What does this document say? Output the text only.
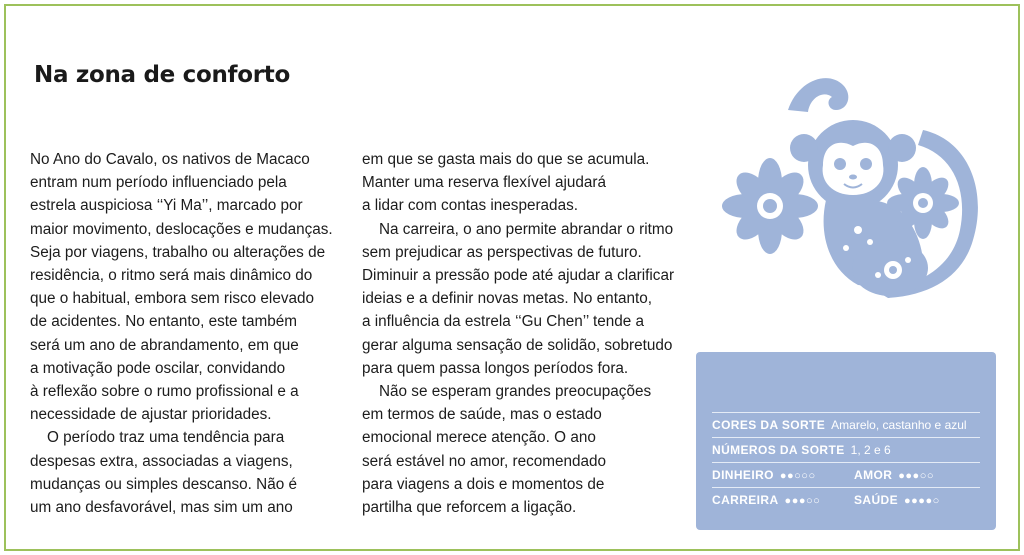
Na zona de conforto
No Ano do Cavalo, os nativos de Macaco
entram num período influenciado pela
estrela auspiciosa ‘‘Yi Ma’’, marcado por
maior movimento, deslocações e mudanças.
Seja por viagens, trabalho ou alterações de
residência, o ritmo será mais dinâmico do
que o habitual, embora sem risco elevado
de acidentes. No entanto, este também
será um ano de abrandamento, em que
a motivação pode oscilar, convidando
à reflexão sobre o rumo profissional e a
necessidade de ajustar prioridades.
O período traz uma tendência para
despesas extra, associadas a viagens,
mudanças ou simples descanso. Não é
um ano desfavorável, mas sim um ano
em que se gasta mais do que se acumula.
Manter uma reserva flexível ajudará
a lidar com contas inesperadas.
Na carreira, o ano permite abrandar o ritmo
sem prejudicar as perspectivas de futuro.
Diminuir a pressão pode até ajudar a clarificar
ideias e a definir novas metas. No entanto,
a influência da estrela ‘‘Gu Chen’’ tende a
gerar alguma sensação de solidão, sobretudo
para quem passa longos períodos fora.
Não se esperam grandes preocupações
em termos de saúde, mas o estado
emocional merece atenção. O ano
será estável no amor, recomendado
para viagens a dois e momentos de
partilha que reforcem a ligação.
CORES DA SORTE Amarelo, castanho e azul
NÚMEROS DA SORTE 1, 2 e 6
DINHEIRO ●●○○○	AMOR ●●●○○
CARREIRA ●●●○○	SAÚDE ●●●●○
